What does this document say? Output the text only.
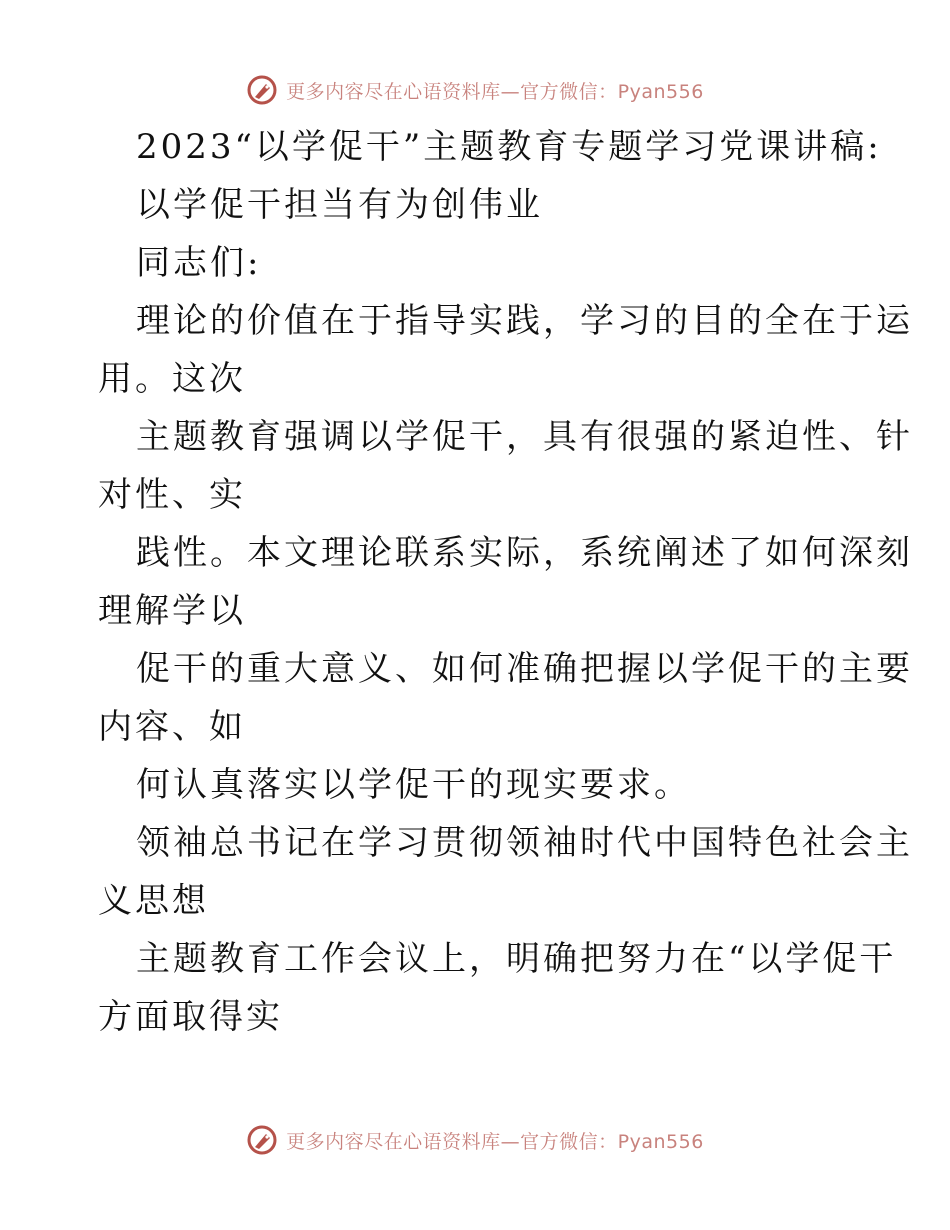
更多内容尽在心语资料库—官方微信：Pyan556
2023“以学促干”主题教育专题学习党课讲稿:
以学促干担当有为创伟业
同志们:
理论的价值在于指导实践，学习的目的全在于运
用。这次
主题教育强调以学促干，具有很强的紧迫性、针
对性、实
践性。本文理论联系实际，系统阐述了如何深刻
理解学以
促干的重大意义、如何准确把握以学促干的主要
内容、如
何认真落实以学促干的现实要求。
领袖总书记在学习贯彻领袖时代中国特色社会主
义思想
主题教育工作会议上，明确把努力在“以学促干
方面取得实
更多内容尽在心语资料库—官方微信：Pyan556
